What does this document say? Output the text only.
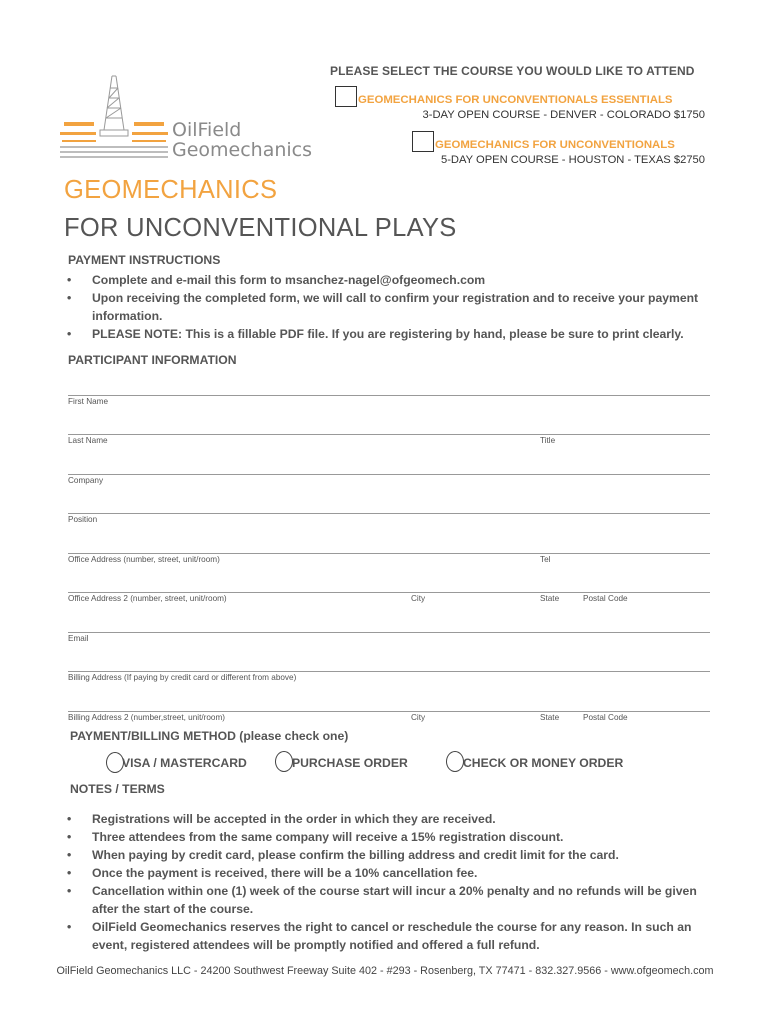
OilField
Geomechanics
PLEASE SELECT THE COURSE YOU WOULD LIKE TO ATTEND
GEOMECHANICS FOR UNCONVENTIONALS ESSENTIALS
3-DAY OPEN COURSE - DENVER - COLORADO $1750
GEOMECHANICS FOR UNCONVENTIONALS
5-DAY OPEN COURSE - HOUSTON - TEXAS $2750
GEOMECHANICS
FOR UNCONVENTIONAL PLAYS
PAYMENT INSTRUCTIONS
• Complete and e-mail this form to msanchez-nagel@ofgeomech.com
• Upon receiving the completed form, we will call to confirm your registration and to receive your payment information.
• PLEASE NOTE: This is a fillable PDF file. If you are registering by hand, please be sure to print clearly.
PARTICIPANT INFORMATION
First Name
Last Name	Title
Company
Position
Office Address (number, street, unit/room)	Tel
Office Address 2 (number, street, unit/room)	City	State	Postal Code
Email
Billing Address (If paying by credit card or different from above)
Billing Address 2 (number,street, unit/room)	City	State	Postal Code
PAYMENT/BILLING METHOD (please check one)
VISA / MASTERCARD	PURCHASE ORDER	CHECK OR MONEY ORDER
NOTES / TERMS
• Registrations will be accepted in the order in which they are received.
• Three attendees from the same company will receive a 15% registration discount.
• When paying by credit card, please confirm the billing address and credit limit for the card.
• Once the payment is received, there will be a 10% cancellation fee.
• Cancellation within one (1) week of the course start will incur a 20% penalty and no refunds will be given after the start of the course.
• OilField Geomechanics reserves the right to cancel or reschedule the course for any reason. In such an event, registered attendees will be promptly notified and offered a full refund.
OilField Geomechanics LLC - 24200 Southwest Freeway Suite 402 - #293 - Rosenberg, TX 77471 - 832.327.9566 - www.ofgeomech.com
